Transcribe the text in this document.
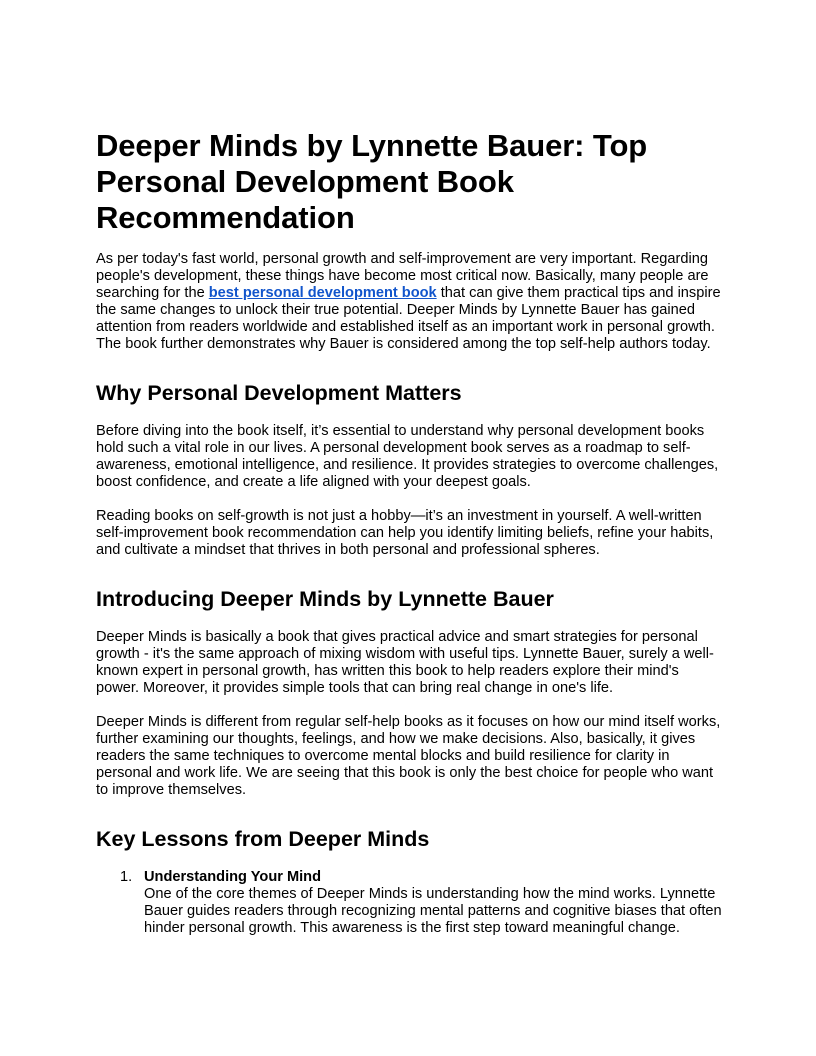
Deeper Minds by Lynnette Bauer: Top Personal Development Book Recommendation

As per today's fast world, personal growth and self-improvement are very important. Regarding people's development, these things have become most critical now. Basically, many people are searching for the best personal development book that can give them practical tips and inspire the same changes to unlock their true potential. Deeper Minds by Lynnette Bauer has gained attention from readers worldwide and established itself as an important work in personal growth. The book further demonstrates why Bauer is considered among the top self-help authors today.

Why Personal Development Matters

Before diving into the book itself, it’s essential to understand why personal development books hold such a vital role in our lives. A personal development book serves as a roadmap to self-awareness, emotional intelligence, and resilience. It provides strategies to overcome challenges, boost confidence, and create a life aligned with your deepest goals.

Reading books on self-growth is not just a hobby—it’s an investment in yourself. A well-written self-improvement book recommendation can help you identify limiting beliefs, refine your habits, and cultivate a mindset that thrives in both personal and professional spheres.

Introducing Deeper Minds by Lynnette Bauer

Deeper Minds is basically a book that gives practical advice and smart strategies for personal growth - it's the same approach of mixing wisdom with useful tips. Lynnette Bauer, surely a well-known expert in personal growth, has written this book to help readers explore their mind's power. Moreover, it provides simple tools that can bring real change in one's life.

Deeper Minds is different from regular self-help books as it focuses on how our mind itself works, further examining our thoughts, feelings, and how we make decisions. Also, basically, it gives readers the same techniques to overcome mental blocks and build resilience for clarity in personal and work life. We are seeing that this book is only the best choice for people who want to improve themselves.

Key Lessons from Deeper Minds
1. Understanding Your Mind
One of the core themes of Deeper Minds is understanding how the mind works. Lynnette Bauer guides readers through recognizing mental patterns and cognitive biases that often hinder personal growth. This awareness is the first step toward meaningful change.
